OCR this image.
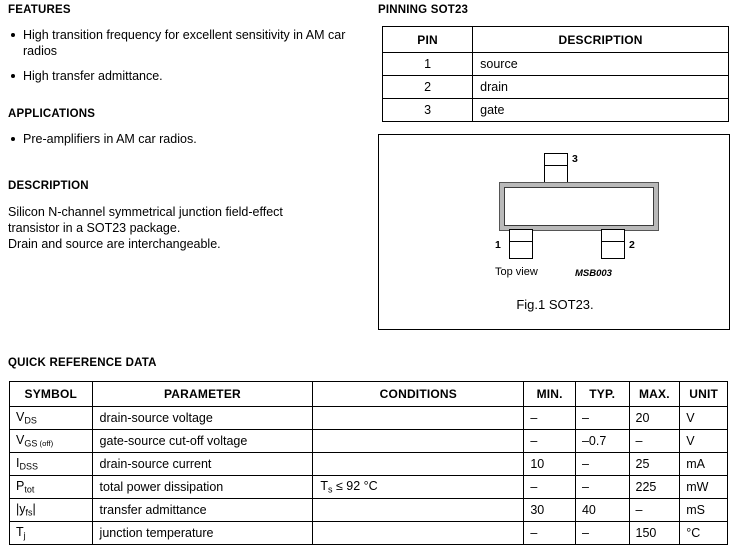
FEATURES
High transition frequency for excellent sensitivity in AM car radios
High transfer admittance.
APPLICATIONS
Pre-amplifiers in AM car radios.
DESCRIPTION
Silicon N-channel symmetrical junction field-effect
transistor in a SOT23 package.
Drain and source are interchangeable.
PINNING SOT23
PIN	DESCRIPTION
1	source
2	drain
3	gate
3
1	2
Top view	MSB003
Fig.1 SOT23.
QUICK REFERENCE DATA
SYMBOL	PARAMETER	CONDITIONS	MIN.	TYP.	MAX.	UNIT
$V_{DS}$	drain-source voltage		–	–	20	V
$V_{GS}$ (off)	gate-source cut-off voltage		–	–0.7	–	V
$I_{DSS}$	drain-source current		10	–	25	mA
$P_{tot}$	total power dissipation	$T_s \le 92$ °C	–	–	225	mW
$|y_{fs}|$	transfer admittance		30	40	–	mS
$T_j$	junction temperature		–	–	150	°C
